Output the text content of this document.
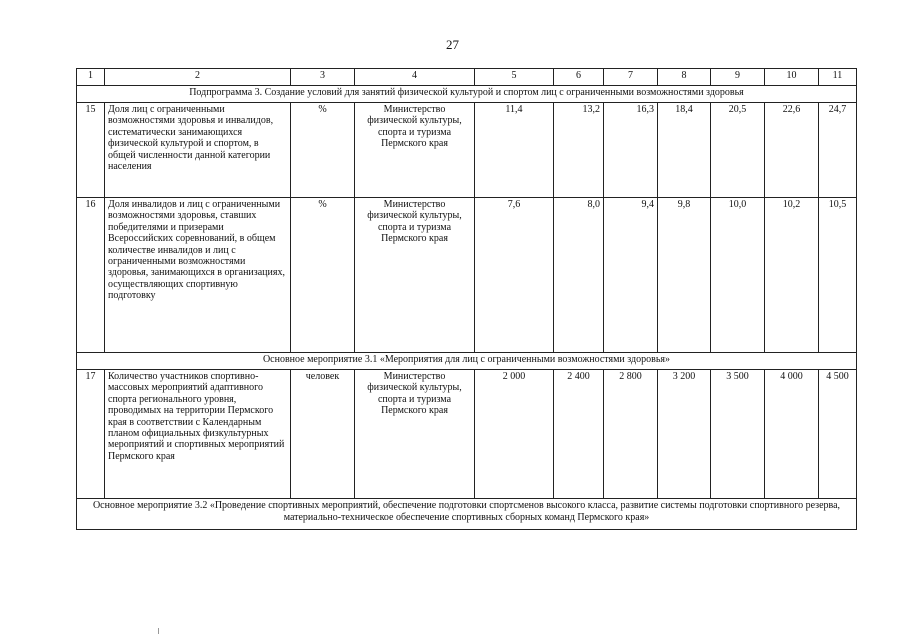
27
1	2	3	4	5	6	7	8	9	10	11
Подпрограмма 3. Создание условий для занятий физической культурой и спортом лиц с ограниченными возможностями здоровья										
15	Доля лиц с ограниченными возможностями здоровья и инвалидов, систематически занимающихся физической культурой и спортом, в общей численности данной категории населения	%	Министерство физической культуры, спорта и туризма Пермского края	11,4	13,2	16,3	18,4	20,5	22,6	24,7
16	Доля инвалидов и лиц с ограниченными возможностями здоровья, ставших победителями и призерами Всероссийских соревнований, в общем количестве инвалидов и лиц с ограниченными возможностями здоровья, занимающихся в организациях, осуществляющих спортивную подготовку	%	Министерство физической культуры, спорта и туризма Пермского края	7,6	8,0	9,4	9,8	10,0	10,2	10,5
Основное мероприятие 3.1 «Мероприятия для лиц с ограниченными возможностями здоровья»										
17	Количество участников спортивно-массовых мероприятий адаптивного спорта регионального уровня, проводимых на территории Пермского края в соответствии с Календарным планом официальных физкультурных мероприятий и спортивных мероприятий Пермского края	человек	Министерство физической культуры, спорта и туризма Пермского края	2 000	2 400	2 800	3 200	3 500	4 000	4 500
Основное мероприятие 3.2 «Проведение спортивных мероприятий, обеспечение подготовки спортсменов высокого класса, развитие системы подготовки спортивного резерва, материально-техническое обеспечение спортивных сборных команд Пермского края»										
